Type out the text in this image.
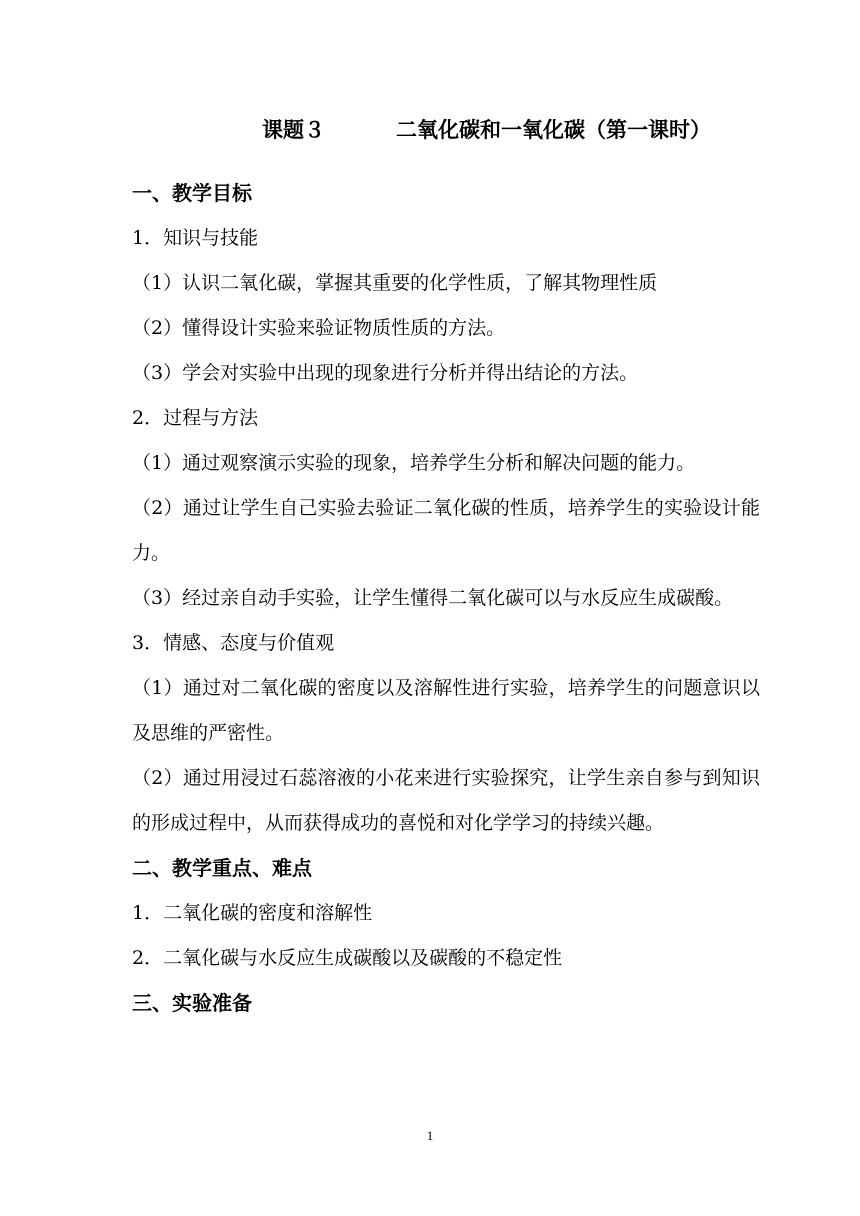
课题３	二氧化碳和一氧化碳（第一课时）
一、教学目标
1．知识与技能
（1）认识二氧化碳，掌握其重要的化学性质，了解其物理性质
（2）懂得设计实验来验证物质性质的方法。
（3）学会对实验中出现的现象进行分析并得出结论的方法。
2．过程与方法
（1）通过观察演示实验的现象，培养学生分析和解决问题的能力。
（2）通过让学生自己实验去验证二氧化碳的性质，培养学生的实验设计能力。
（3）经过亲自动手实验，让学生懂得二氧化碳可以与水反应生成碳酸。
3．情感、态度与价值观
（1）通过对二氧化碳的密度以及溶解性进行实验，培养学生的问题意识以及思维的严密性。
（2）通过用浸过石蕊溶液的小花来进行实验探究，让学生亲自参与到知识的形成过程中，从而获得成功的喜悦和对化学学习的持续兴趣。
二、教学重点、难点
1．二氧化碳的密度和溶解性
2．二氧化碳与水反应生成碳酸以及碳酸的不稳定性
三、实验准备
1
